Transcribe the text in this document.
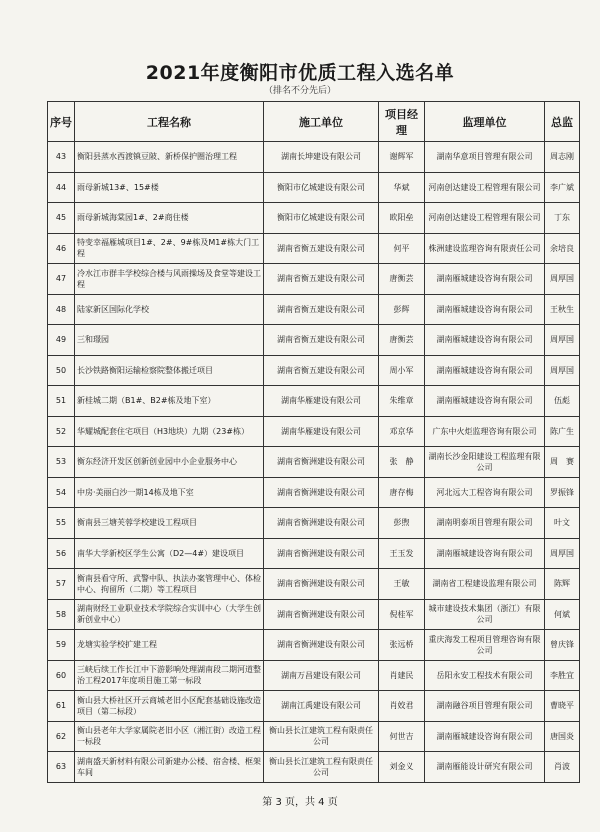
2021年度衡阳市优质工程入选名单
（排名不分先后）
序号	工程名称	施工单位	项目经理	监理单位	总监
43	衡阳县蒸水西渡镇豆陂、新桥保护圈治理工程	湖南长坤建设有限公司	谢辉军	湖南华意项目管理有限公司	周志刚
44	雨母新城13#、15#楼	衡阳市亿城建设有限公司	华斌	河南创达建设工程管理有限公司	李广斌
45	雨母新城海棠园1#、2#商住楼	衡阳市亿城建设有限公司	欧阳垒	河南创达建设工程管理有限公司	丁东
46	特变幸福雁城项目1#、2#、9#栋及M1#栋大门工程	湖南省衡五建设有限公司	何平	株洲建设监理咨询有限责任公司	余培良
47	冷水江市群丰学校综合楼与风雨操场及食堂等建设工程	湖南省衡五建设有限公司	唐衡芸	湖南雁城建设咨询有限公司	周厚国
48	陆家新区国际化学校	湖南省衡五建设有限公司	彭辉	湖南雁城建设咨询有限公司	王秋生
49	三和璟园	湖南省衡五建设有限公司	唐衡芸	湖南雁城建设咨询有限公司	周厚国
50	长沙铁路衡阳运输检察院整体搬迁项目	湖南省衡五建设有限公司	周小军	湖南雁城建设咨询有限公司	周厚国
51	新桂城二期（B1#、B2#栋及地下室）	湖南华雁建设有限公司	朱维章	湖南雁城建设咨询有限公司	伍彪
52	华耀城配套住宅项目（H3地块）九期（23#栋）	湖南华雁建设有限公司	邓京华	广东中火炬监理咨询有限公司	陈广生
53	衡东经济开发区创新创业园中小企业服务中心	湖南省衡洲建设有限公司	张　静	湖南长沙金阳建设工程监理有限公司	周　赛
54	中房·美丽白沙一期14栋及地下室	湖南省衡洲建设有限公司	唐存梅	河北远大工程咨询有限公司	罗振锋
55	衡南县三塘芙蓉学校建设工程项目	湖南省衡洲建设有限公司	彭煦	湖南明泰项目管理有限公司	叶文
56	南华大学新校区学生公寓（D2—4#）建设项目	湖南省衡洲建设有限公司	王玉发	湖南雁城建设咨询有限公司	周厚国
57	衡南县看守所、武警中队、执法办案管理中心、体检中心、拘留所（二期）等工程项目	湖南省衡洲建设有限公司	王敏	湖南省工程建设监理有限公司	陈辉
58	湖南财经工业职业技术学院综合实训中心（大学生创新创业中心）	湖南省衡洲建设有限公司	倪桂军	城市建设技术集团（浙江）有限公司	何斌
59	龙塘实验学校扩建工程	湖南省衡洲建设有限公司	张远桥	重庆海发工程项目管理咨询有限公司	曾庆锋
60	三峡后续工作长江中下游影响处理湖南段二期河道整治工程2017年度项目施工第一标段	湖南万昌建设有限公司	肖建民	岳阳永安工程技术有限公司	李胜宜
61	衡山县大桥社区开云商城老旧小区配套基础设施改造项目（第二标段）	湖南江禹建设有限公司	肖姣君	湖南融谷项目管理有限公司	曹晓平
62	衡山县老年大学家属院老旧小区（湘江街）改造工程一标段	衡山县长江建筑工程有限责任公司	何世吉	湖南雁城建设咨询有限公司	唐国炎
63	湖南盛天新材料有限公司新建办公楼、宿舍楼、框架车间	衡山县长江建筑工程有限责任公司	刘金义	湖南雁能设计研究有限公司	肖波
第 3 页，共 4 页
